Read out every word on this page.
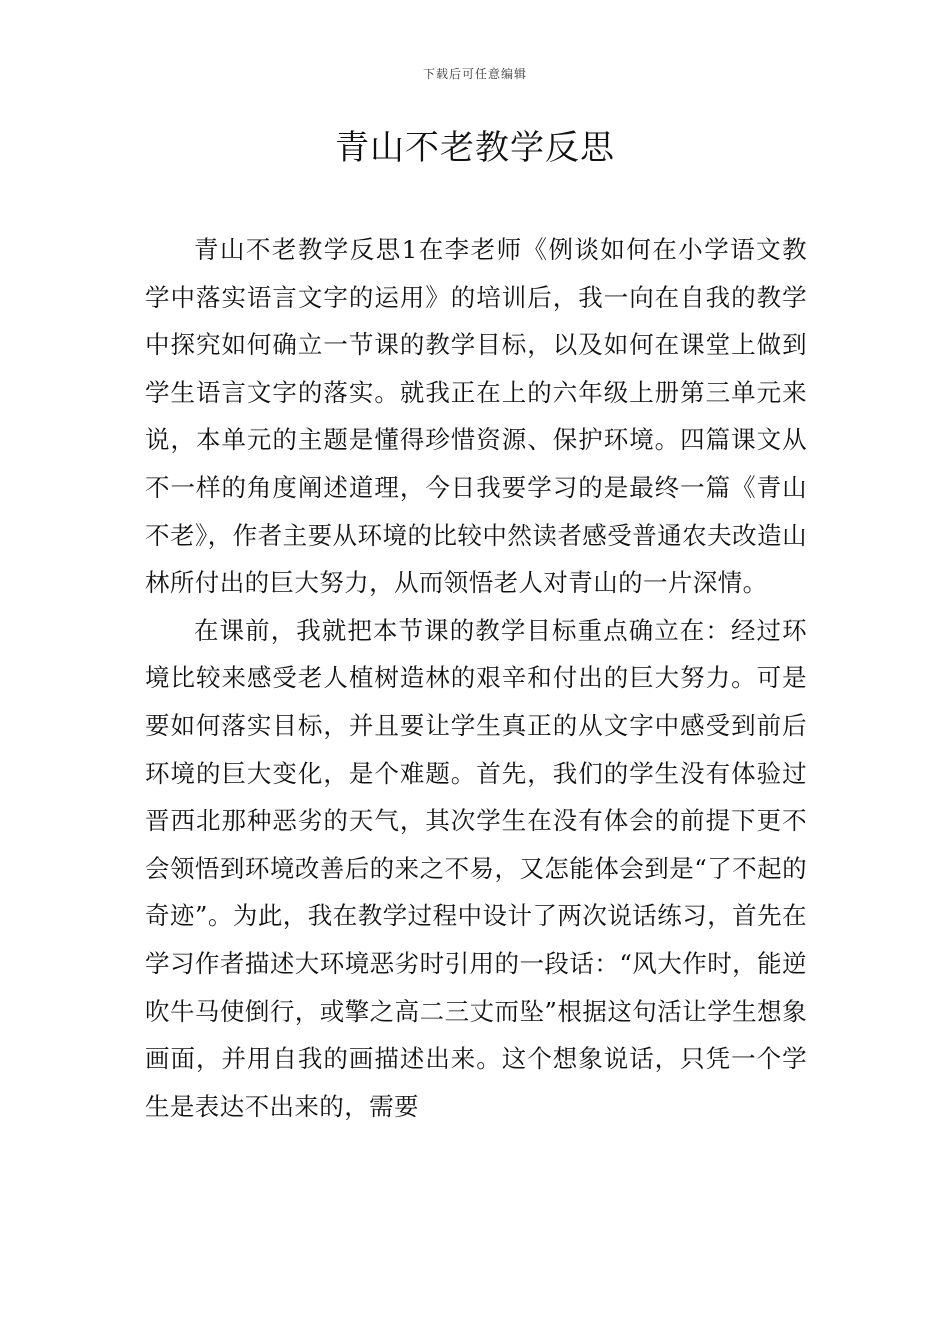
下载后可任意编辑
青山不老教学反思

青山不老教学反思1在李老师《例谈如何在小学语文教学中落实语言文字的运用》的培训后，我一向在自我的教学中探究如何确立一节课的教学目标，以及如何在课堂上做到学生语言文字的落实。就我正在上的六年级上册第三单元来说，本单元的主题是懂得珍惜资源、保护环境。四篇课文从不一样的角度阐述道理，今日我要学习的是最终一篇《青山不老》，作者主要从环境的比较中然读者感受普通农夫改造山林所付出的巨大努力，从而领悟老人对青山的一片深情。

在课前，我就把本节课的教学目标重点确立在：经过环境比较来感受老人植树造林的艰辛和付出的巨大努力。可是要如何落实目标，并且要让学生真正的从文字中感受到前后环境的巨大变化，是个难题。首先，我们的学生没有体验过晋西北那种恶劣的天气，其次学生在没有体会的前提下更不会领悟到环境改善后的来之不易，又怎能体会到是“了不起的奇迹”。为此，我在教学过程中设计了两次说话练习，首先在学习作者描述大环境恶劣时引用的一段话：“风大作时，能逆吹牛马使倒行，或擎之高二三丈而坠”根据这句活让学生想象画面，并用自我的画描述出来。这个想象说话，只凭一个学生是表达不出来的，需要
